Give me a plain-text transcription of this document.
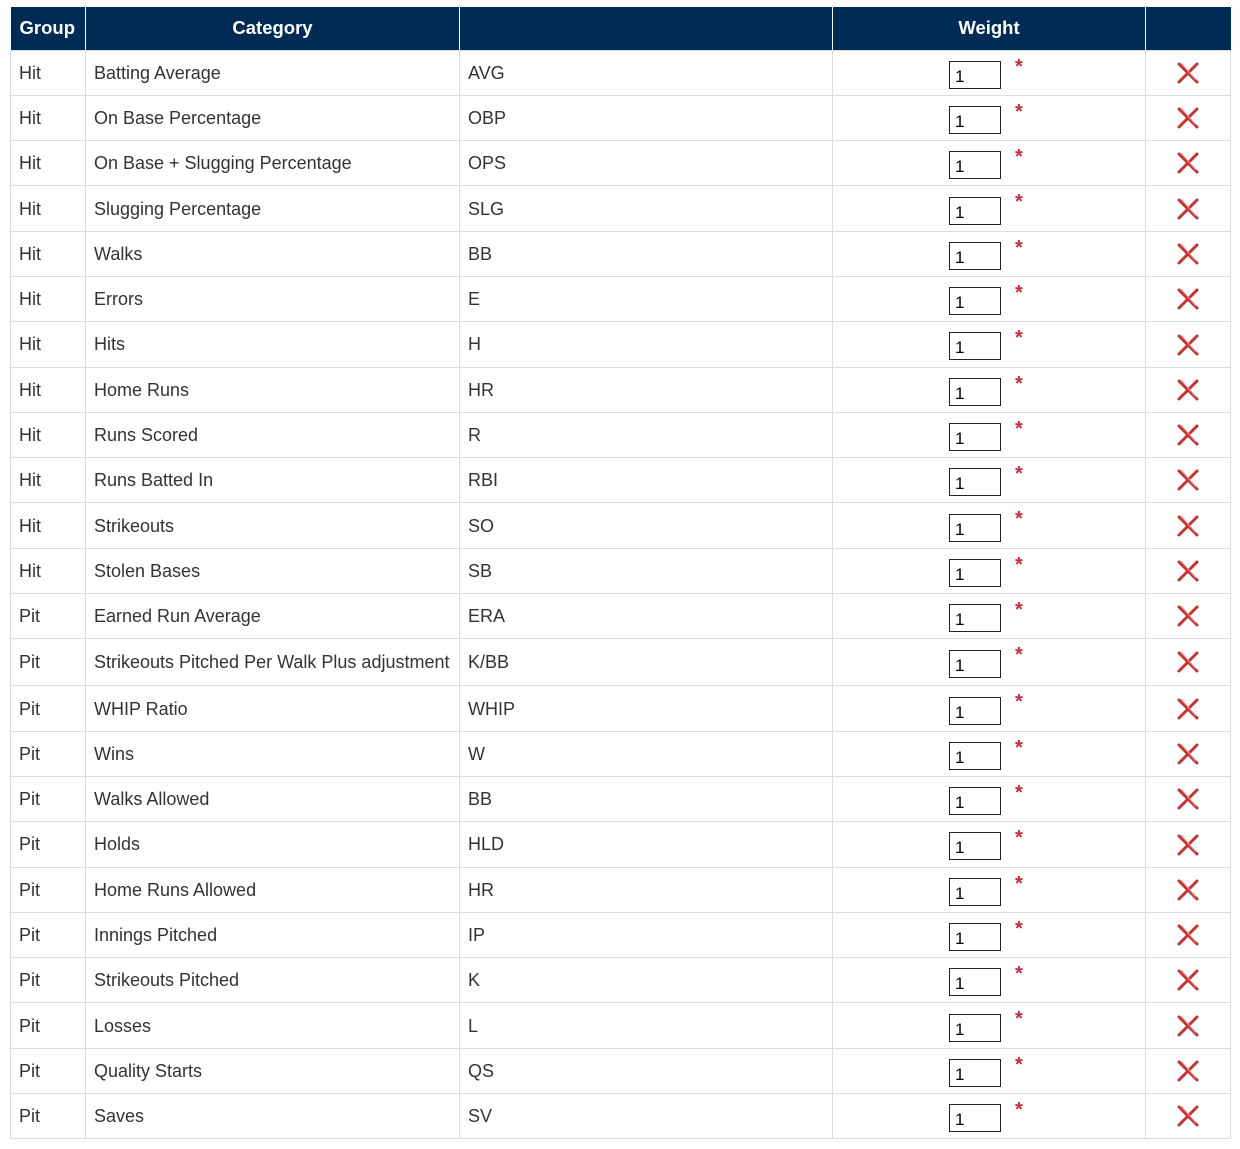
Group	Category		Weight	
Hit	Batting Average	AVG	1 *

Hit	On Base Percentage	OBP	1 *

Hit	On Base + Slugging Percentage	OPS	1 *

Hit	Slugging Percentage	SLG	1 *

Hit	Walks	BB	1 *

Hit	Errors	E	1 *

Hit	Hits	H	1 *

Hit	Home Runs	HR	1 *

Hit	Runs Scored	R	1 *

Hit	Runs Batted In	RBI	1 *

Hit	Strikeouts	SO	1 *

Hit	Stolen Bases	SB	1 *

Pit	Earned Run Average	ERA	1 *

Pit	Strikeouts Pitched Per Walk Plus adjustment	K/BB	1 *

Pit	WHIP Ratio	WHIP	1 *

Pit	Wins	W	1 *

Pit	Walks Allowed	BB	1 *

Pit	Holds	HLD	1 *

Pit	Home Runs Allowed	HR	1 *

Pit	Innings Pitched	IP	1 *

Pit	Strikeouts Pitched	K	1 *

Pit	Losses	L	1 *

Pit	Quality Starts	QS	1 *

Pit	Saves	SV	1 *
